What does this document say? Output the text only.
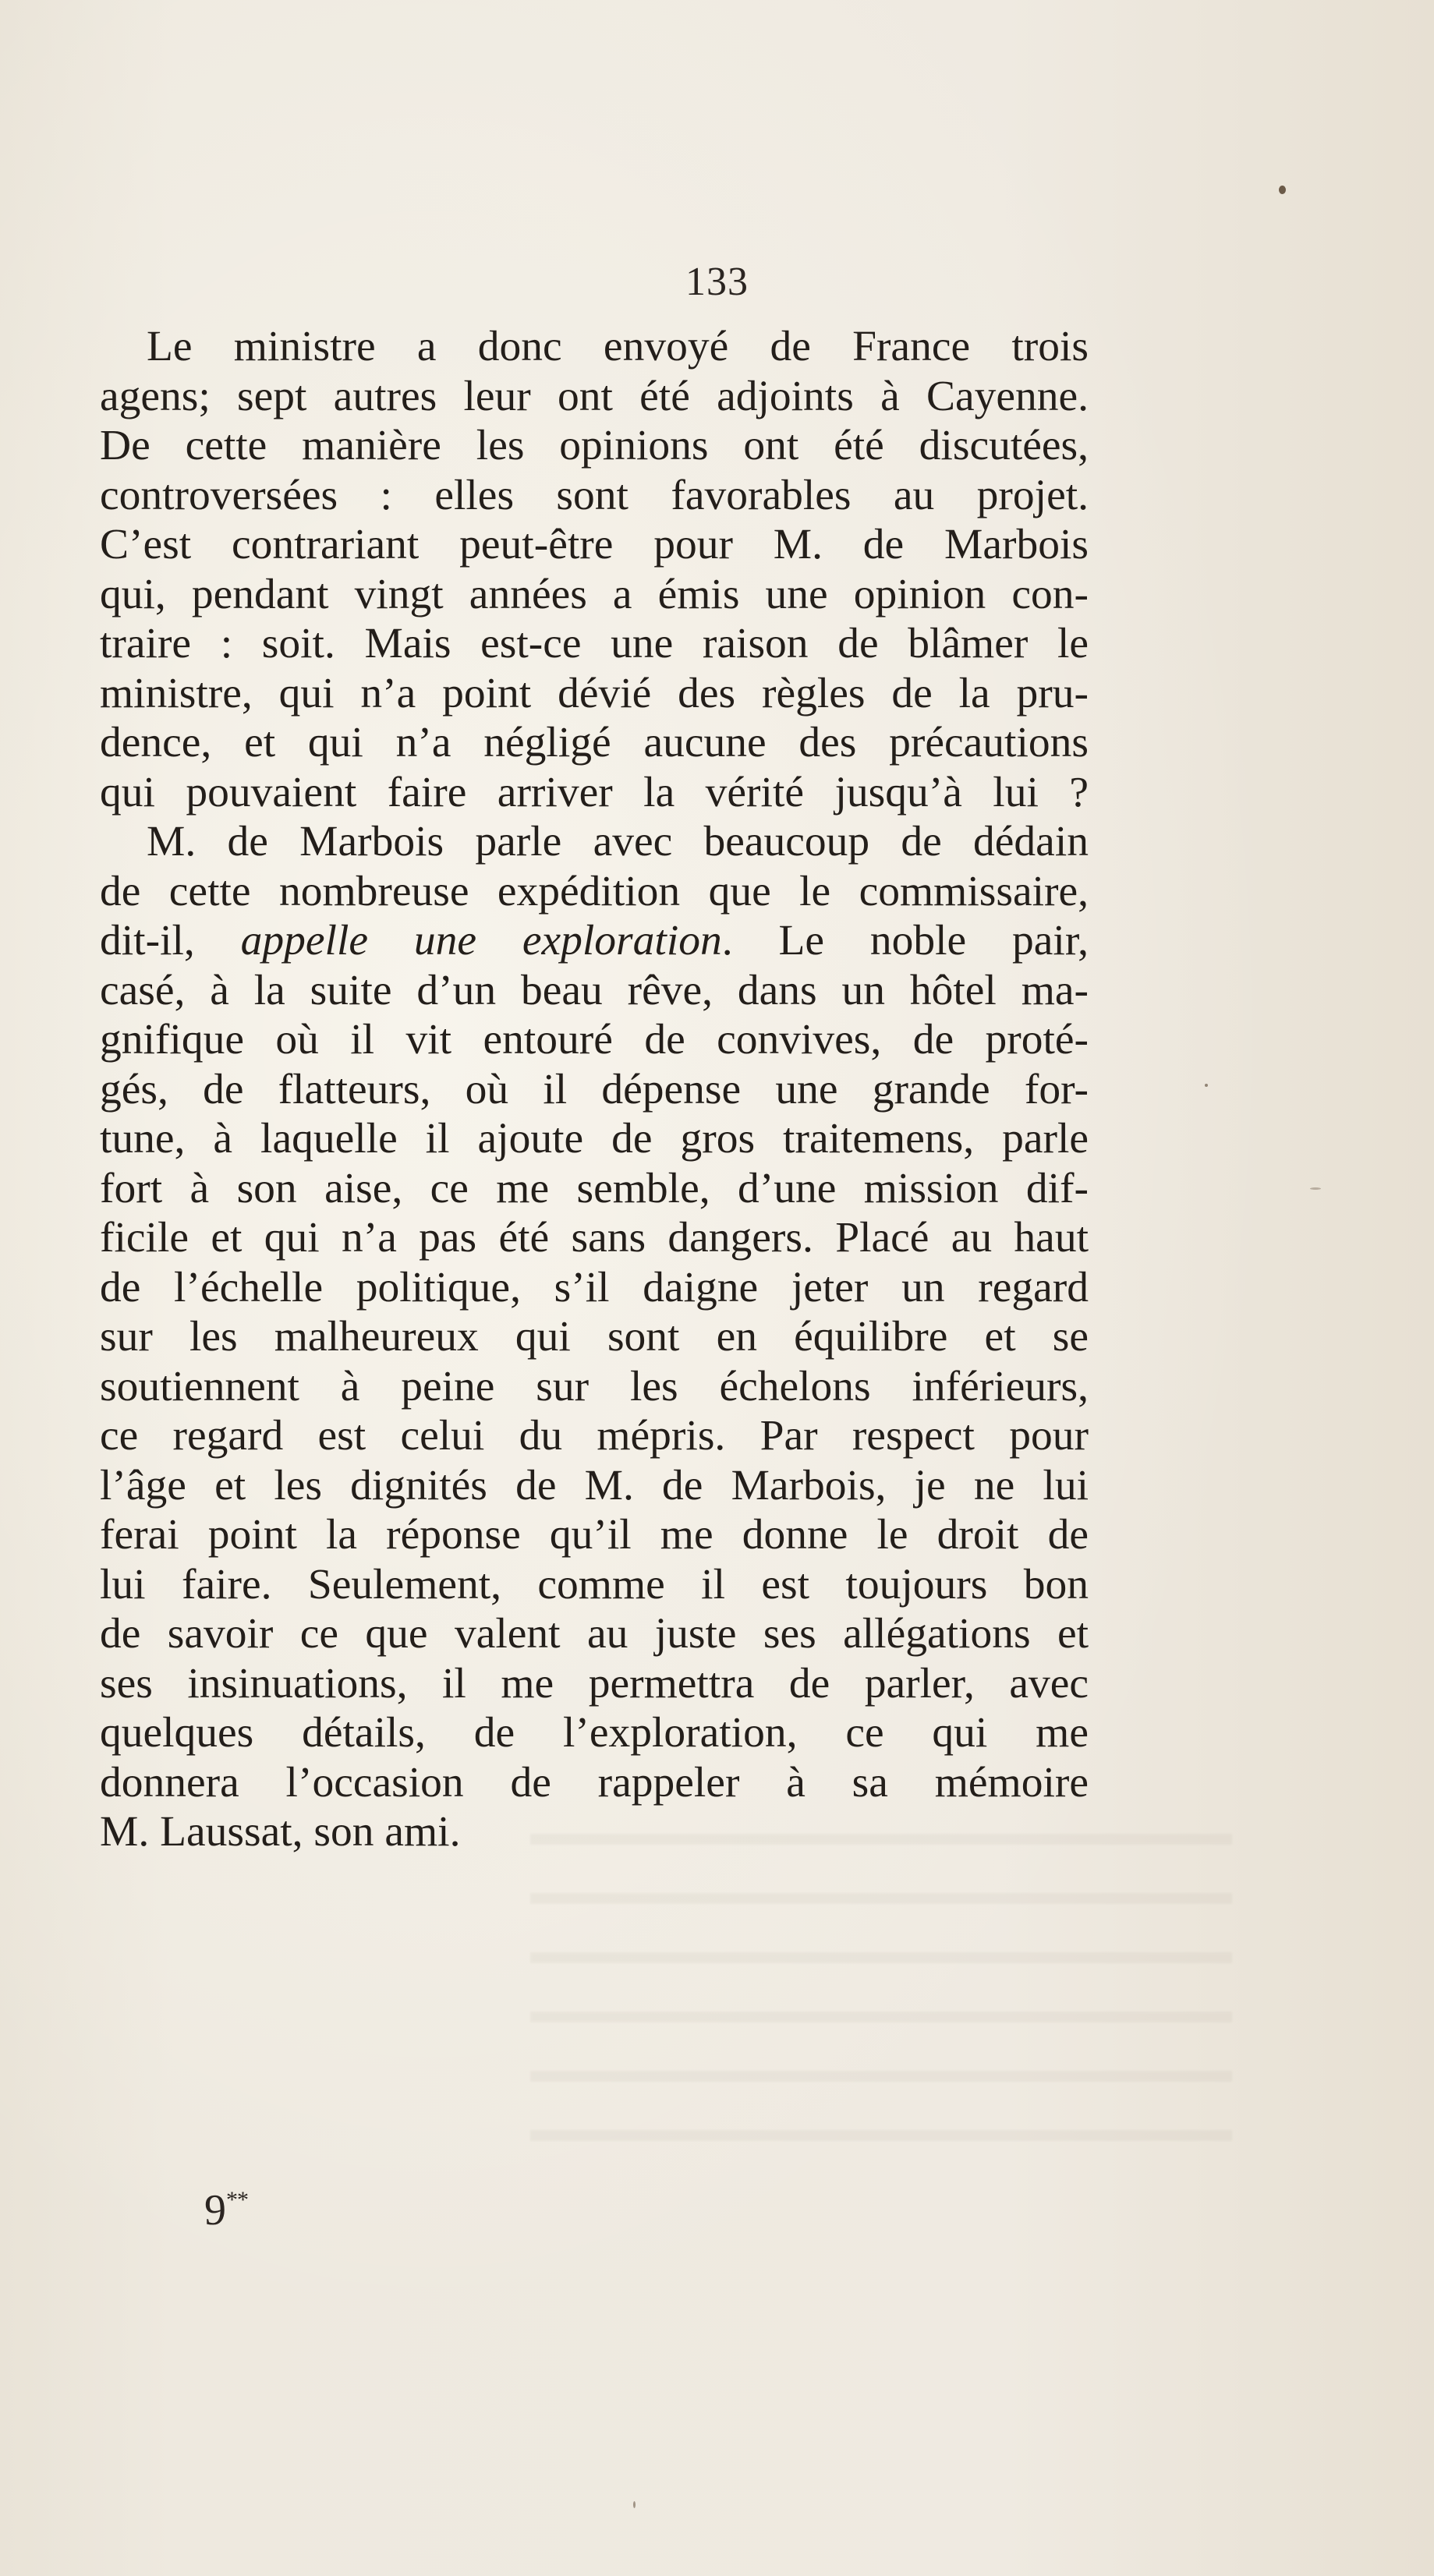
133
Le ministre a donc envoyé de France trois
agens; sept autres leur ont été adjoints à Cayenne.
De cette manière les opinions ont été discutées,
controversées : elles sont favorables au projet.
C’est contrariant peut-être pour M. de Marbois
qui, pendant vingt années a émis une opinion con-
traire : soit. Mais est-ce une raison de blâmer le
ministre, qui n’a point dévié des règles de la pru-
dence, et qui n’a négligé aucune des précautions
qui pouvaient faire arriver la vérité jusqu’à lui ?
M. de Marbois parle avec beaucoup de dédain
de cette nombreuse expédition que le commissaire,
dit-il, appelle une exploration. Le noble pair,
casé, à la suite d’un beau rêve, dans un hôtel ma-
gnifique où il vit entouré de convives, de proté-
gés, de flatteurs, où il dépense une grande for-
tune, à laquelle il ajoute de gros traitemens, parle
fort à son aise, ce me semble, d’une mission dif-
ficile et qui n’a pas été sans dangers. Placé au haut
de l’échelle politique, s’il daigne jeter un regard
sur les malheureux qui sont en équilibre et se
soutiennent à peine sur les échelons inférieurs,
ce regard est celui du mépris. Par respect pour
l’âge et les dignités de M. de Marbois, je ne lui
ferai point la réponse qu’il me donne le droit de
lui faire. Seulement, comme il est toujours bon
de savoir ce que valent au juste ses allégations et
ses insinuations, il me permettra de parler, avec
quelques détails, de l’exploration, ce qui me
donnera l’occasion de rappeler à sa mémoire
M. Laussat, son ami.
9**
